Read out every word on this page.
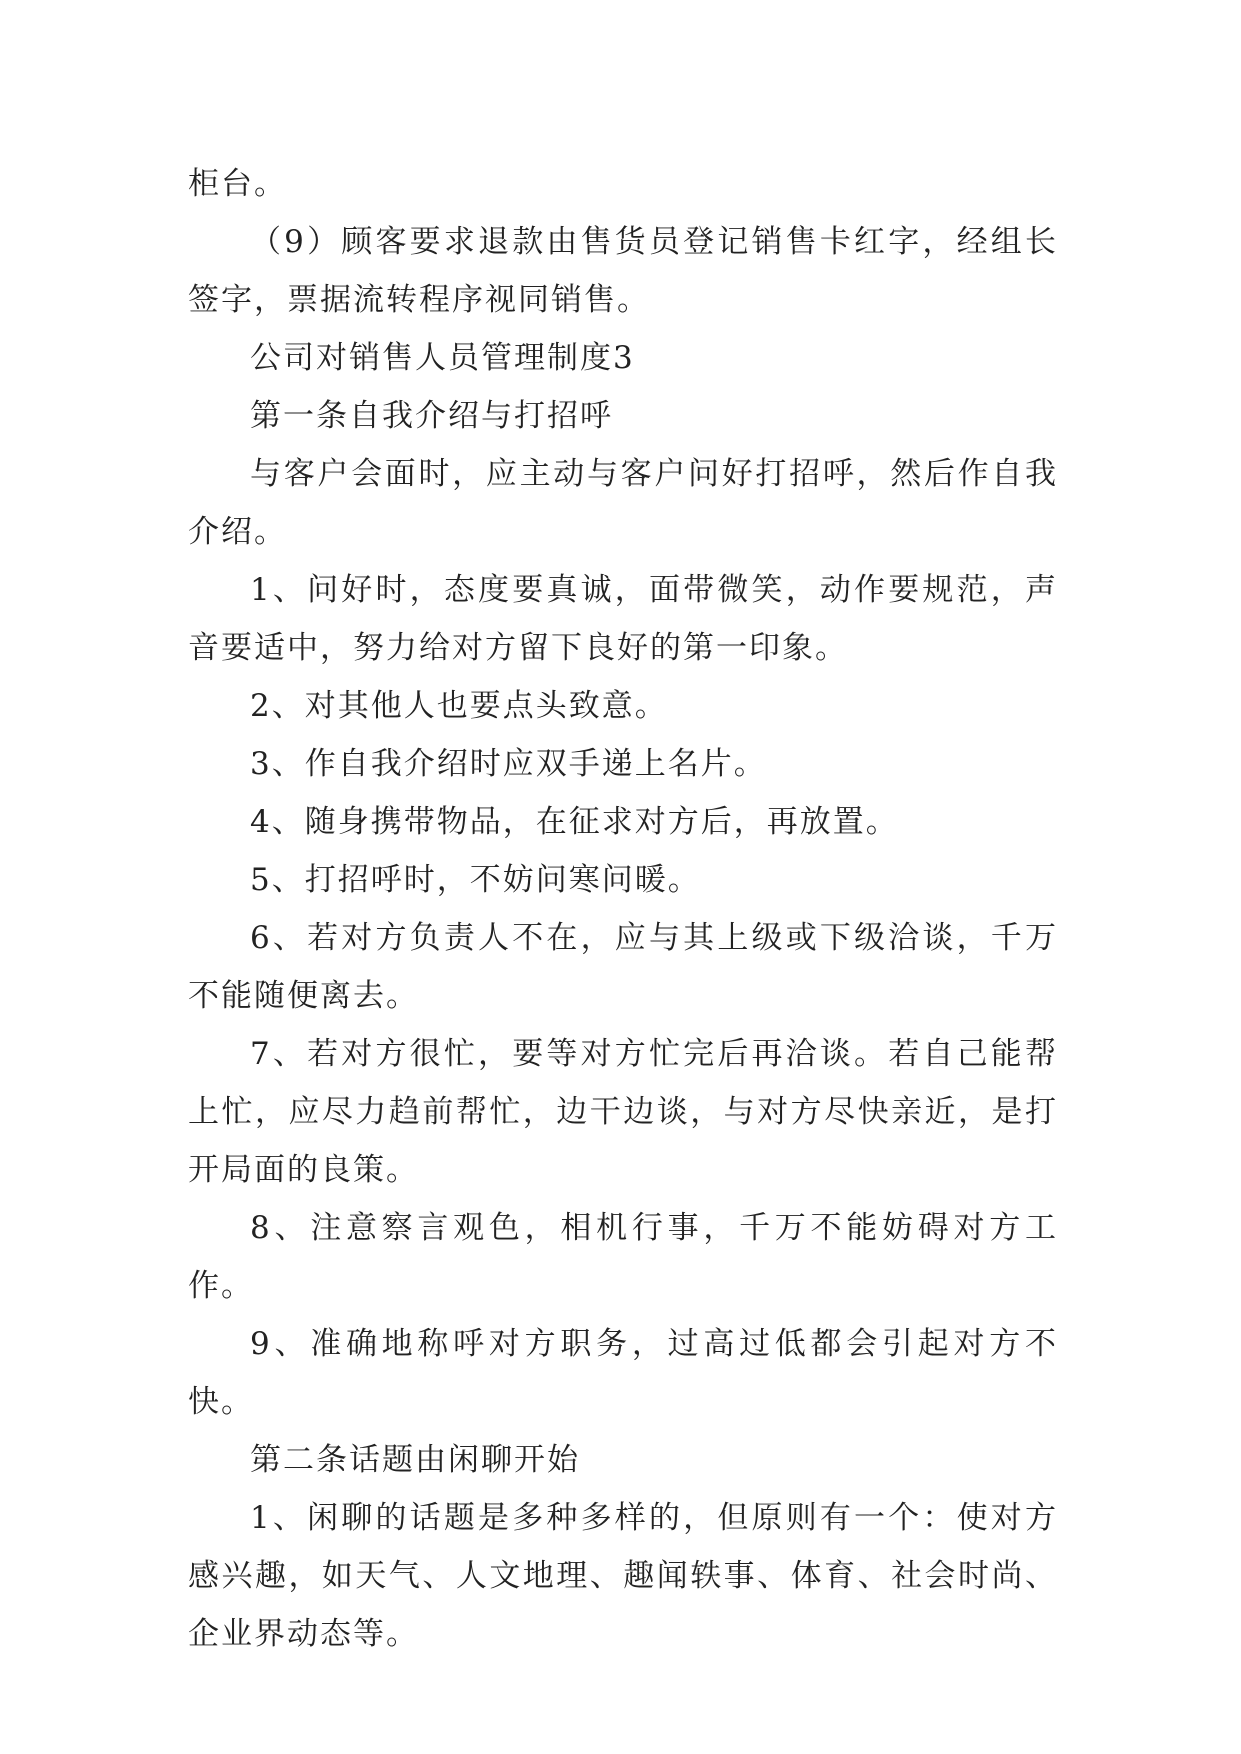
柜台。

（9）顾客要求退款由售货员登记销售卡红字，经组长签字，票据流转程序视同销售。

公司对销售人员管理制度3

第一条自我介绍与打招呼

与客户会面时，应主动与客户问好打招呼，然后作自我介绍。

1、问好时，态度要真诚，面带微笑，动作要规范，声音要适中，努力给对方留下良好的第一印象。

2、对其他人也要点头致意。

3、作自我介绍时应双手递上名片。

4、随身携带物品，在征求对方后，再放置。

5、打招呼时，不妨问寒问暖。

6、若对方负责人不在，应与其上级或下级洽谈，千万不能随便离去。

7、若对方很忙，要等对方忙完后再洽谈。若自己能帮上忙，应尽力趋前帮忙，边干边谈，与对方尽快亲近，是打开局面的良策。

8、注意察言观色，相机行事，千万不能妨碍对方工作。

9、准确地称呼对方职务，过高过低都会引起对方不快。

第二条话题由闲聊开始

1、闲聊的话题是多种多样的，但原则有一个：使对方感兴趣，如天气、人文地理、趣闻轶事、体育、社会时尚、企业界动态等。
